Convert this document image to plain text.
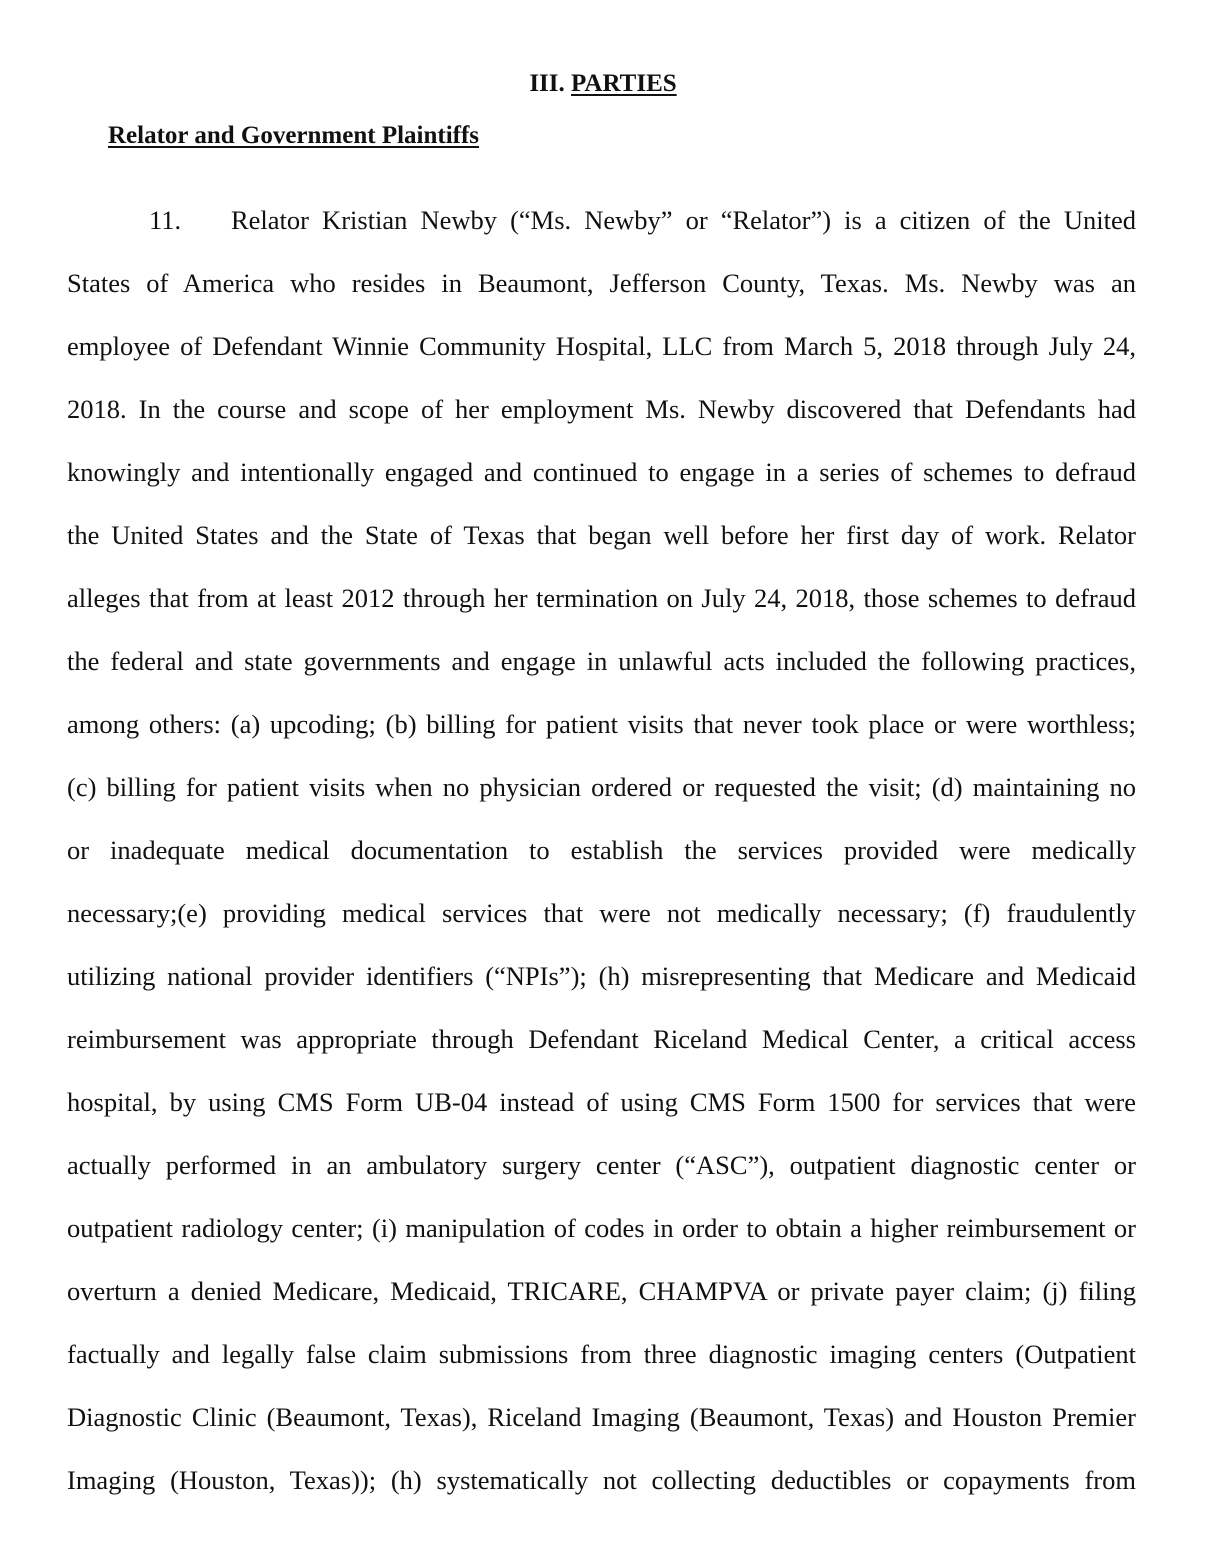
III. PARTIES
Relator and Government Plaintiffs
11. Relator Kristian Newby (“Ms. Newby” or “Relator”) is a citizen of the United
States of America who resides in Beaumont, Jefferson County, Texas. Ms. Newby was an
employee of Defendant Winnie Community Hospital, LLC from March 5, 2018 through July 24,
2018. In the course and scope of her employment Ms. Newby discovered that Defendants had
knowingly and intentionally engaged and continued to engage in a series of schemes to defraud
the United States and the State of Texas that began well before her first day of work. Relator
alleges that from at least 2012 through her termination on July 24, 2018, those schemes to defraud
the federal and state governments and engage in unlawful acts included the following practices,
among others: (a) upcoding; (b) billing for patient visits that never took place or were worthless;
(c) billing for patient visits when no physician ordered or requested the visit; (d) maintaining no
or inadequate medical documentation to establish the services provided were medically
necessary;(e) providing medical services that were not medically necessary; (f) fraudulently
utilizing national provider identifiers (“NPIs”); (h) misrepresenting that Medicare and Medicaid
reimbursement was appropriate through Defendant Riceland Medical Center, a critical access
hospital, by using CMS Form UB-04 instead of using CMS Form 1500 for services that were
actually performed in an ambulatory surgery center (“ASC”), outpatient diagnostic center or
outpatient radiology center; (i) manipulation of codes in order to obtain a higher reimbursement or
overturn a denied Medicare, Medicaid, TRICARE, CHAMPVA or private payer claim; (j) filing
factually and legally false claim submissions from three diagnostic imaging centers (Outpatient
Diagnostic Clinic (Beaumont, Texas), Riceland Imaging (Beaumont, Texas) and Houston Premier
Imaging (Houston, Texas)); (h) systematically not collecting deductibles or copayments from
